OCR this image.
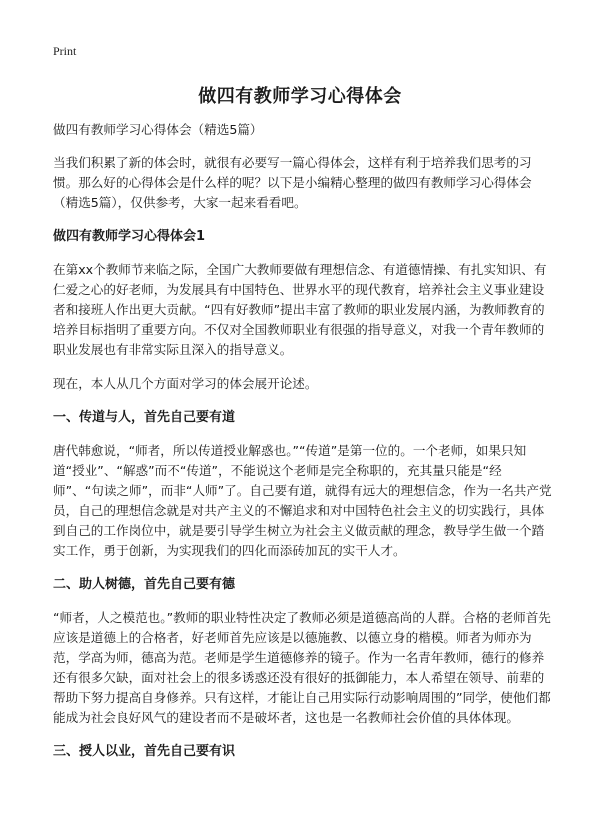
Print
做四有教师学习心得体会

做四有教师学习心得体会（精选5篇）

当我们积累了新的体会时，就很有必要写一篇心得体会，这样有利于培养我们思考的习惯。那么好的心得体会是什么样的呢？以下是小编精心整理的做四有教师学习心得体会（精选5篇），仅供参考，大家一起来看看吧。

做四有教师学习心得体会1

在第xx个教师节来临之际，全国广大教师要做有理想信念、有道德情操、有扎实知识、有仁爱之心的好老师，为发展具有中国特色、世界水平的现代教育，培养社会主义事业建设者和接班人作出更大贡献。“四有好教师”提出丰富了教师的职业发展内涵，为教师教育的培养目标指明了重要方向。不仅对全国教师职业有很强的指导意义，对我一个青年教师的职业发展也有非常实际且深入的指导意义。

现在，本人从几个方面对学习的体会展开论述。

一、传道与人，首先自己要有道

唐代韩愈说，“师者，所以传道授业解惑也。”“传道”是第一位的。一个老师，如果只知道“授业”、“解惑”而不“传道”，不能说这个老师是完全称职的，充其量只能是“经师”、“句读之师”，而非“人师”了。自己要有道，就得有远大的理想信念，作为一名共产党员，自己的理想信念就是对共产主义的不懈追求和对中国特色社会主义的切实践行，具体到自己的工作岗位中，就是要引导学生树立为社会主义做贡献的理念，教导学生做一个踏实工作，勇于创新，为实现我们的四化而添砖加瓦的实干人才。

二、助人树德，首先自己要有德

“师者，人之模范也。”教师的职业特性决定了教师必须是道德高尚的人群。合格的老师首先应该是道德上的合格者，好老师首先应该是以德施教、以德立身的楷模。师者为师亦为范，学高为师，德高为范。老师是学生道德修养的镜子。作为一名青年教师，德行的修养还有很多欠缺，面对社会上的很多诱惑还没有很好的抵御能力，本人希望在领导、前辈的帮助下努力提高自身修养。只有这样，才能让自己用实际行动影响周围的”同学，使他们都能成为社会良好风气的建设者而不是破坏者，这也是一名教师社会价值的具体体现。

三、授人以业，首先自己要有识
